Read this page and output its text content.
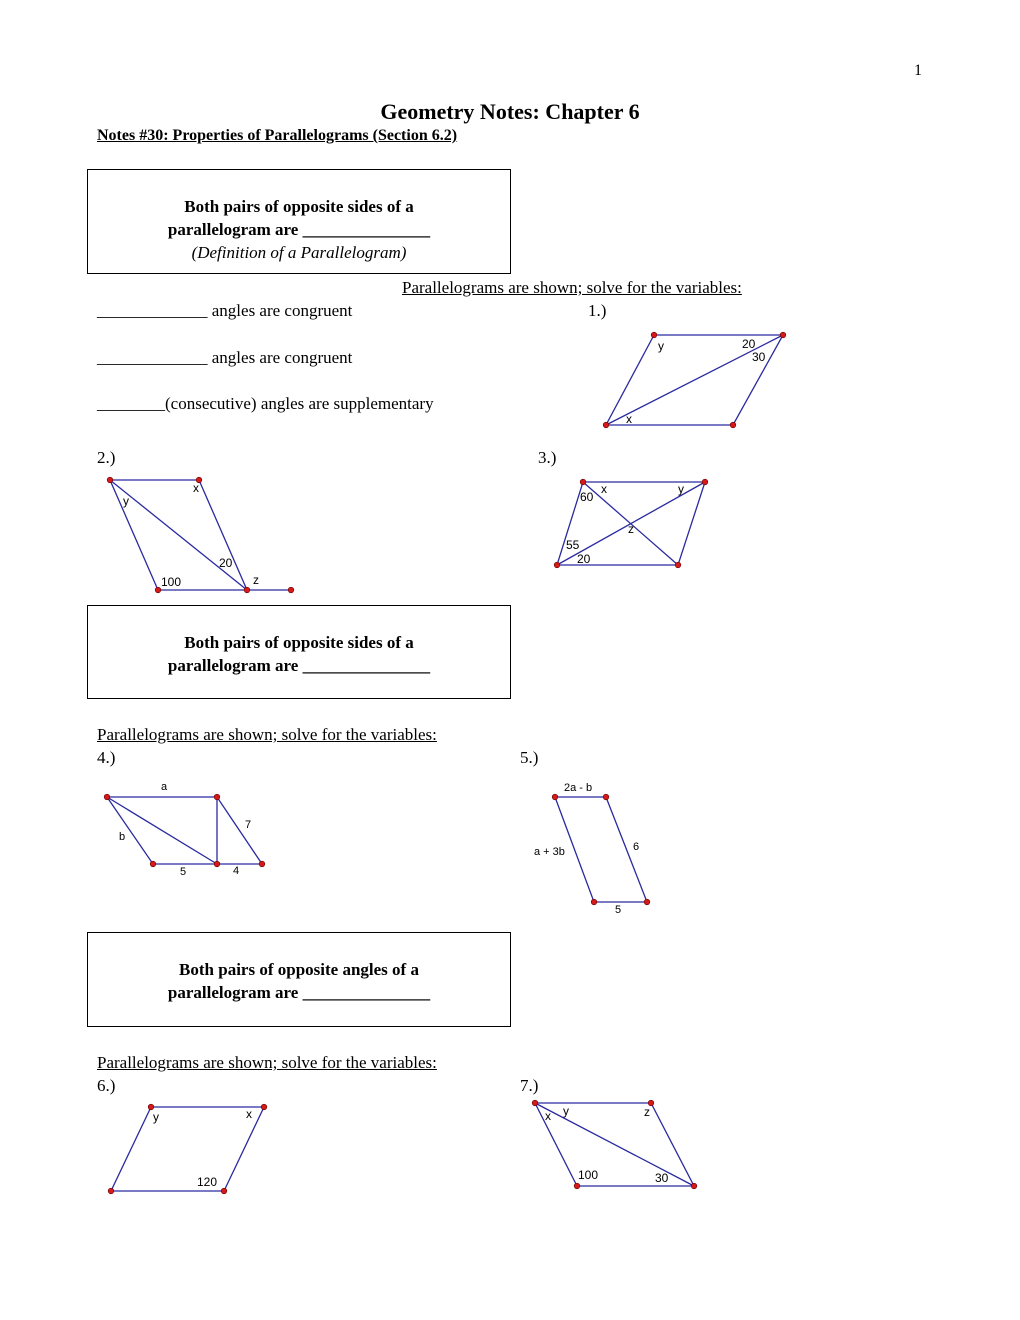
1
Geometry Notes: Chapter 6
Notes #30: Properties of Parallelograms (Section 6.2)
Both pairs of opposite sides of a
parallelogram are _______________
(Definition of a Parallelogram)
Parallelograms are shown; solve for the variables:
_____________ angles are congruent	1.)
_____________ angles are congruent
________(consecutive) angles are supplementary
y	20
30
x
2.)	3.)
x
y
20
100	z
x	y
60
z
55
20
Both pairs of opposite sides of a
parallelogram are _______________
Parallelograms are shown; solve for the variables:
4.)	5.)
a
7
b
5	4
2a - b
a + 3b	6
5
Both pairs of opposite angles of a
parallelogram are _______________
Parallelograms are shown; solve for the variables:
6.)	7.)
y	x
120
y	z
x
100	30
